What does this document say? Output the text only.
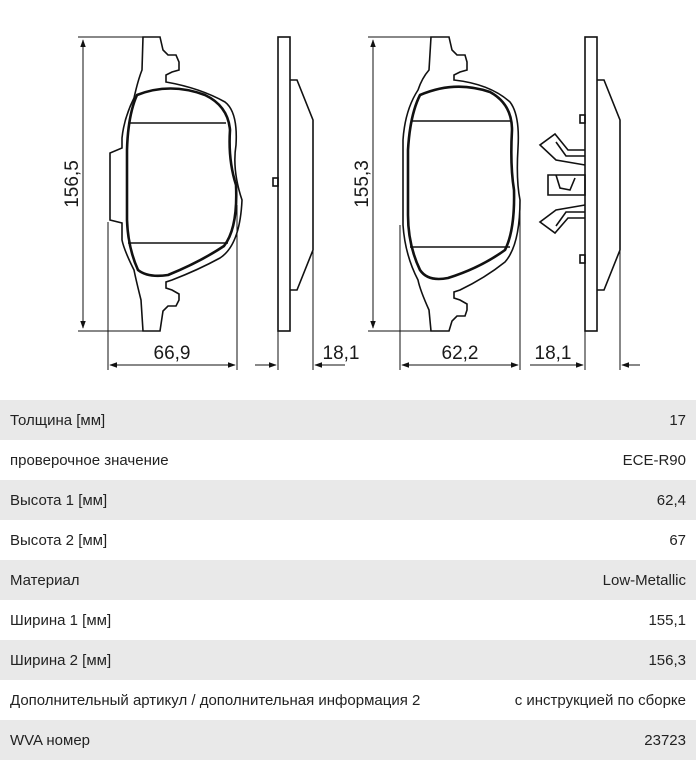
156,5
66,9	18,1
155,3
62,2	18,1
Толщина [мм]	17
проверочное значение	ECE-R90
Высота 1 [мм]	62,4
Высота 2 [мм]	67
Материал	Low-Metallic
Ширина 1 [мм]	155,1
Ширина 2 [мм]	156,3
Дополнительный артикул / дополнительная информация 2	с инструкцией по сборке
WVA номер	23723
